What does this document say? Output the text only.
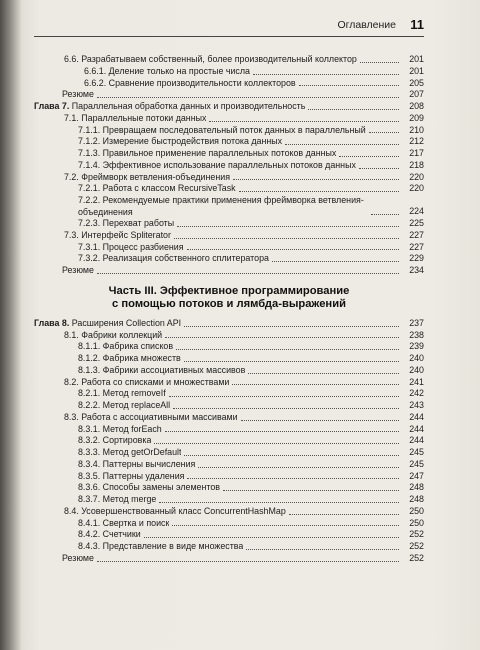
Оглавление 11
6.6. Разрабатываем собственный, более производительный коллектор	201
6.6.1. Деление только на простые числа	201
6.6.2. Сравнение производительности коллекторов	205
Резюме	207
Глава 7. Параллельная обработка данных и производительность	208
7.1. Параллельные потоки данных	209
7.1.1. Превращаем последовательный поток данных в параллельный	210
7.1.2. Измерение быстродействия потока данных	212
7.1.3. Правильное применение параллельных потоков данных	217
7.1.4. Эффективное использование параллельных потоков данных	218
7.2. Фреймворк ветвления-объединения	220
7.2.1. Работа с классом RecursiveTask	220
7.2.2. Рекомендуемые практики применения фреймворка ветвления-объединения	224
7.2.3. Перехват работы	225
7.3. Интерфейс Spliterator	227
7.3.1. Процесс разбиения	227
7.3.2. Реализация собственного сплитератора	229
Резюме	234
Часть III. Эффективное программирование
с помощью потоков и лямбда-выражений
Глава 8. Расширения Collection API	237
8.1. Фабрики коллекций	238
8.1.1. Фабрика списков	239
8.1.2. Фабрика множеств	240
8.1.3. Фабрики ассоциативных массивов	240
8.2. Работа со списками и множествами	241
8.2.1. Метод removeIf	242
8.2.2. Метод replaceAll	243
8.3. Работа с ассоциативными массивами	244
8.3.1. Метод forEach	244
8.3.2. Сортировка	244
8.3.3. Метод getOrDefault	245
8.3.4. Паттерны вычисления	245
8.3.5. Паттерны удаления	247
8.3.6. Способы замены элементов	248
8.3.7. Метод merge	248
8.4. Усовершенствованный класс ConcurrentHashMap	250
8.4.1. Свертка и поиск	250
8.4.2. Счетчики	252
8.4.3. Представление в виде множества	252
Резюме	252
